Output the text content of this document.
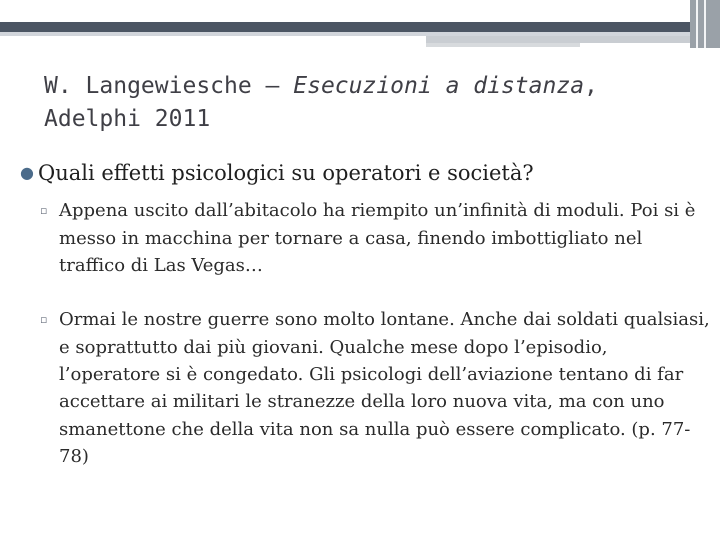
W. Langewiesche – Esecuzioni a distanza, Adelphi 2011
● Quali effetti psicologici su operatori e società?
▫ Appena uscito dall’abitacolo ha riempito un’infinità di moduli. Poi si è messo in macchina per tornare a casa, finendo imbottigliato nel traffico di Las Vegas…
▫ Ormai le nostre guerre sono molto lontane. Anche dai soldati qualsiasi, e soprattutto dai più giovani. Qualche mese dopo l’episodio, l’operatore si è congedato. Gli psicologi dell’aviazione tentano di far accettare ai militari le stranezze della loro nuova vita, ma con uno smanettone che della vita non sa nulla può essere complicato. (p. 77-78)
